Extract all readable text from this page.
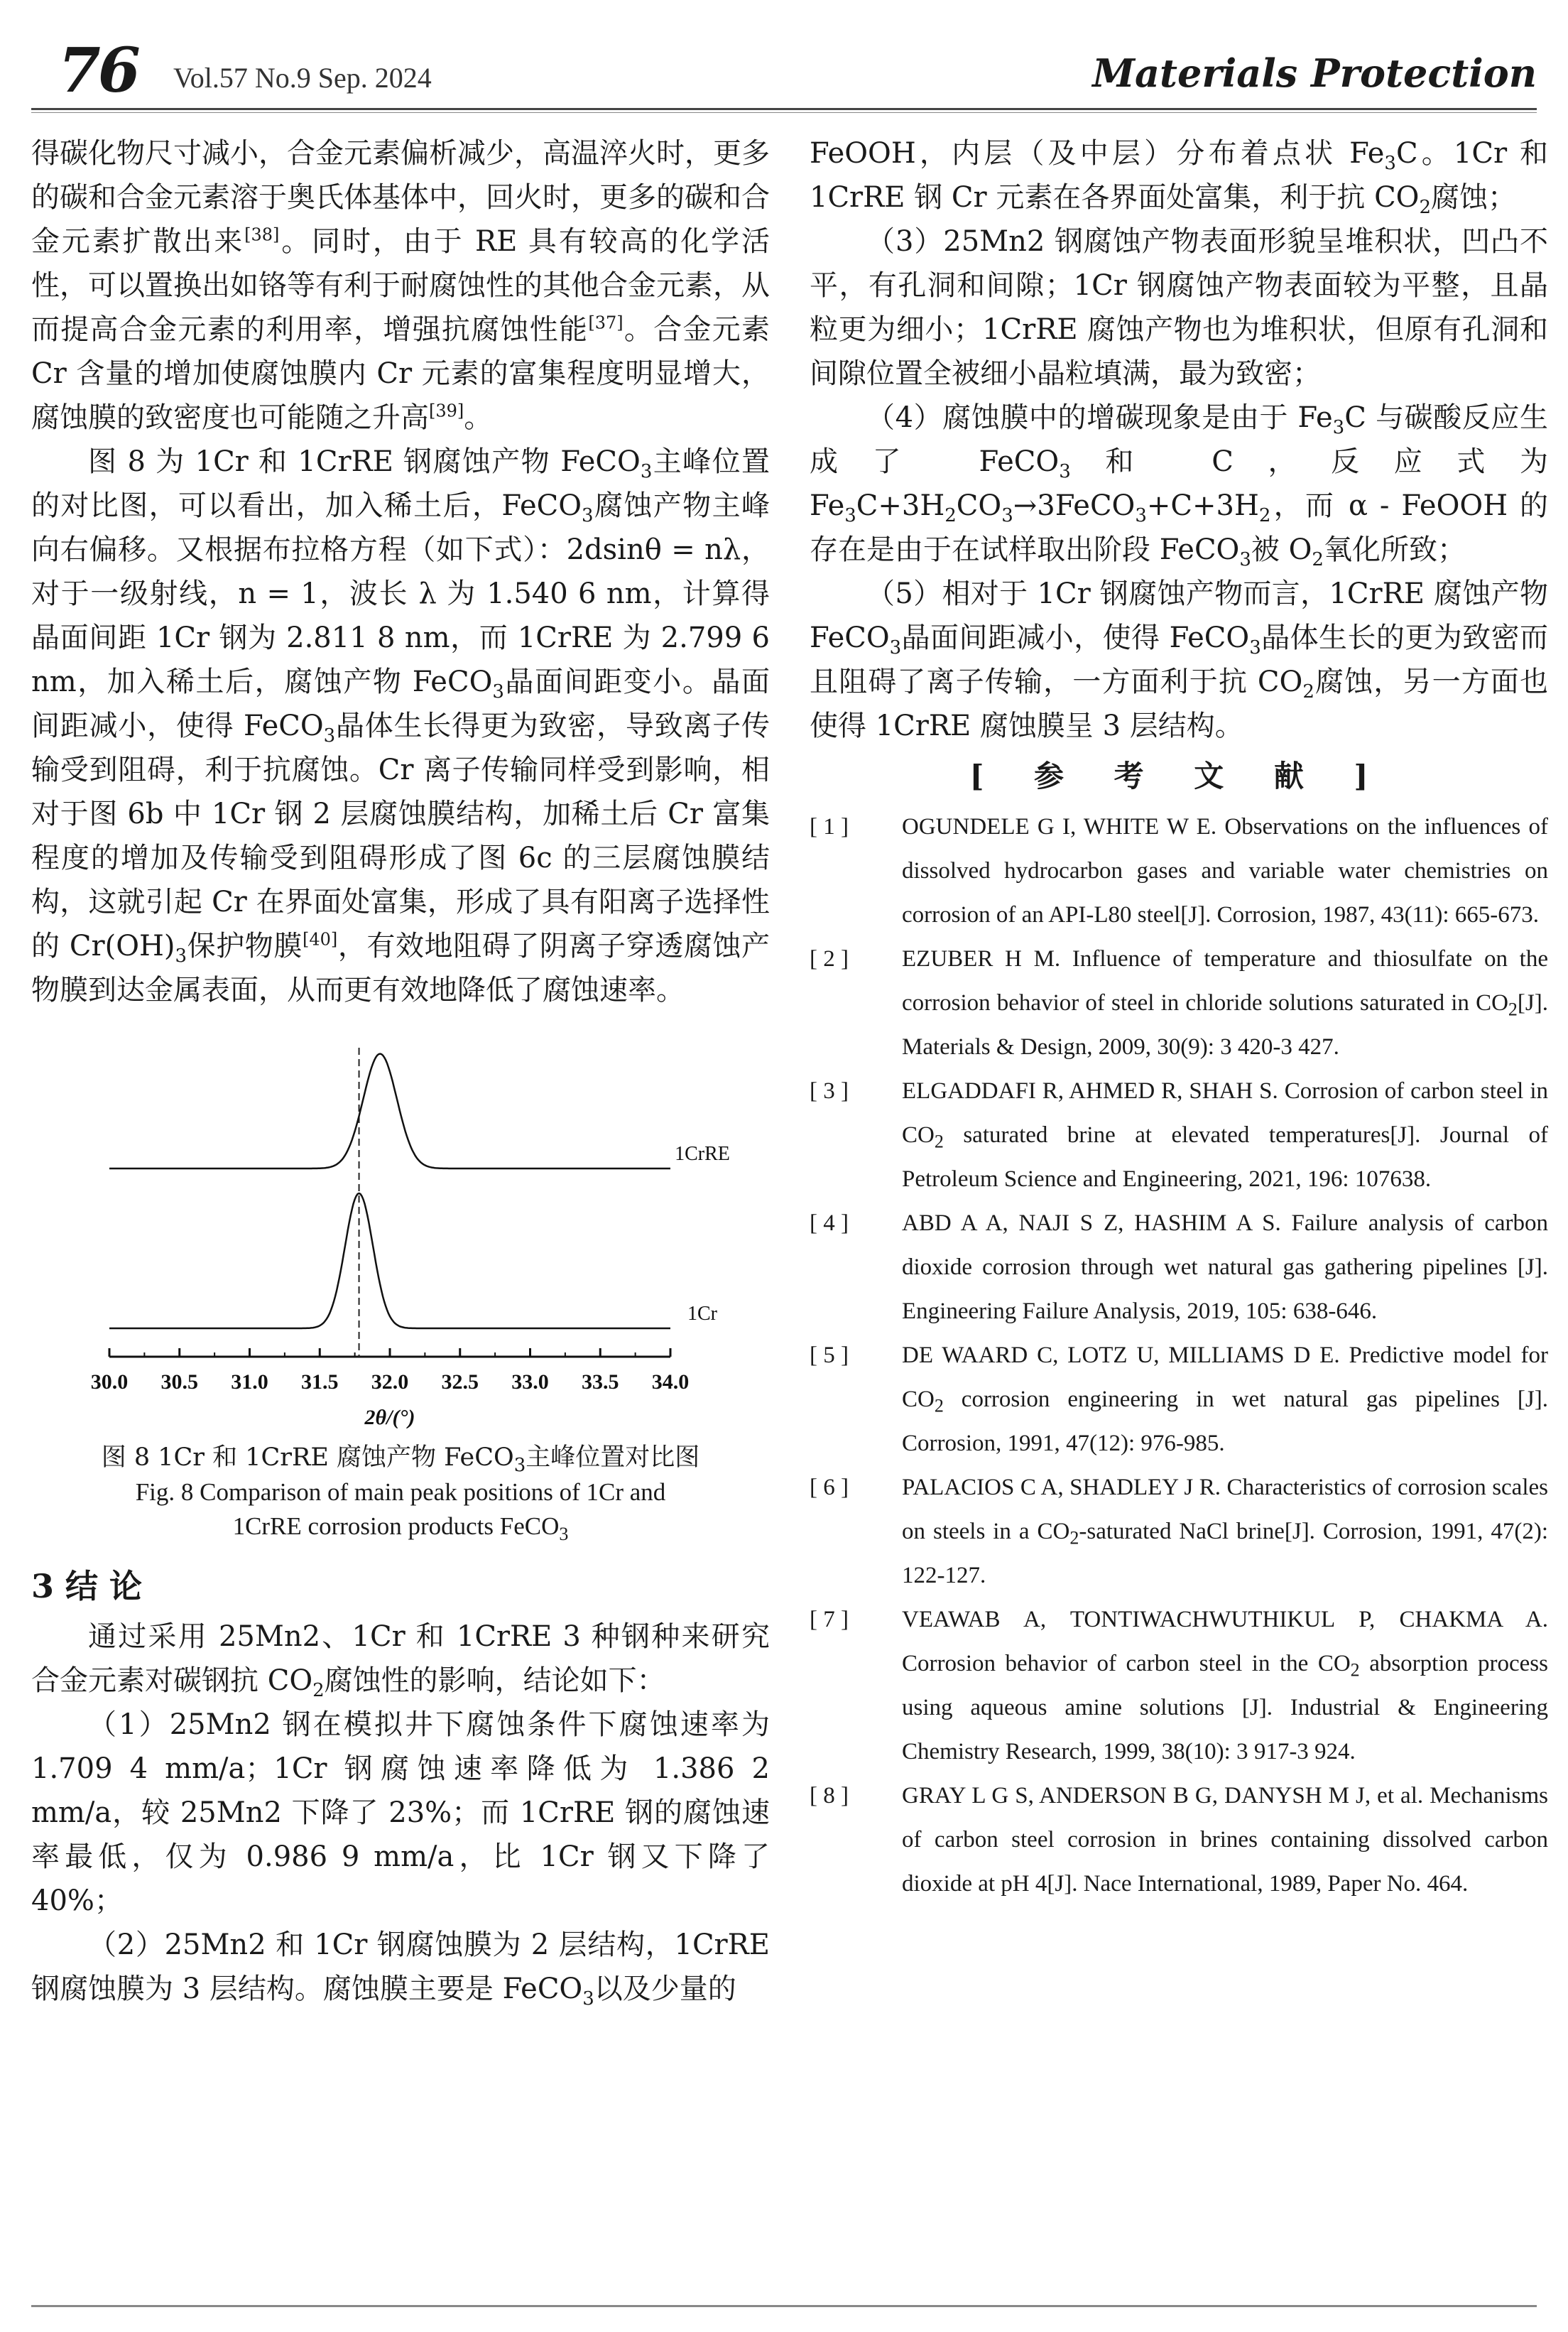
76 Vol.57 No.9 Sep. 2024	Materials Protection

得碳化物尺寸减小，合金元素偏析减少，高温淬火时，更多的碳和合金元素溶于奥氏体基体中，回火时，更多的碳和合金元素扩散出来[38]。同时，由于 RE 具有较高的化学活性，可以置换出如铬等有利于耐腐蚀性的其他合金元素，从而提高合金元素的利用率，增强抗腐蚀性能[37]。合金元素 Cr 含量的增加使腐蚀膜内 Cr 元素的富集程度明显增大，腐蚀膜的致密度也可能随之升高[39]。

图 8 为 1Cr 和 1CrRE 钢腐蚀产物 FeCO$_3$主峰位置的对比图，可以看出，加入稀土后，FeCO$_3$腐蚀产物主峰向右偏移。又根据布拉格方程（如下式）：2dsinθ = nλ，对于一级射线，n = 1，波长 λ 为 1.540 6 nm，计算得晶面间距 1Cr 钢为 2.811 8 nm，而 1CrRE 为 2.799 6 nm，加入稀土后，腐蚀产物 FeCO$_3$晶面间距变小。晶面间距减小，使得 FeCO$_3$晶体生长得更为致密，导致离子传输受到阻碍，利于抗腐蚀。Cr 离子传输同样受到影响，相对于图 6b 中 1Cr 钢 2 层腐蚀膜结构，加稀土后 Cr 富集程度的增加及传输受到阻碍形成了图 6c 的三层腐蚀膜结构，这就引起 Cr 在界面处富集，形成了具有阳离子选择性的 $Cr(OH)_3$保护物膜[40]，有效地阻碍了阴离子穿透腐蚀产物膜到达金属表面，从而更有效地降低了腐蚀速率。

30.0 30.5 31.0 31.5 32.0 32.5 33.0 33.5 34.0
2θ/(°)
1CrRE
1Cr
图 8 1Cr 和 1CrRE 腐蚀产物 FeCO$_3$主峰位置对比图
Fig. 8 Comparison of main peak positions of 1Cr and
1CrRE corrosion products FeCO$_3$
3 结 论

通过采用 25Mn2、1Cr 和 1CrRE 3 种钢种来研究合金元素对碳钢抗 $CO_2$腐蚀性的影响，结论如下：

（1）25Mn2 钢在模拟井下腐蚀条件下腐蚀速率为 1.709 4 mm/a；1Cr 钢腐蚀速率降低为 1.386 2 mm/a，较 25Mn2 下降了 23%；而 1CrRE 钢的腐蚀速率最低，仅为 0.986 9 mm/a，比 1Cr 钢又下降了 40%；

（2）25Mn2 和 1Cr 钢腐蚀膜为 2 层结构，1CrRE 钢腐蚀膜为 3 层结构。腐蚀膜主要是 FeCO$_3$以及少量的

FeOOH，内层（及中层）分布着点状 $Fe_3C$。1Cr 和 1CrRE 钢 Cr 元素在各界面处富集，利于抗 $CO_2$腐蚀；

（3）25Mn2 钢腐蚀产物表面形貌呈堆积状，凹凸不平，有孔洞和间隙；1Cr 钢腐蚀产物表面较为平整，且晶粒更为细小；1CrRE 腐蚀产物也为堆积状，但原有孔洞和间隙位置全被细小晶粒填满，最为致密；

（4）腐蚀膜中的增碳现象是由于 $Fe_3C$ 与碳酸反应生成了 FeCO$_3$和 C，反应式为 $Fe_3C+3H_2CO_3\to 3FeCO_3+C+3H_2$，而 α - FeOOH 的存在是由于在试样取出阶段 FeCO$_3$被 $O_2$氧化所致；

（5）相对于 1Cr 钢腐蚀产物而言，1CrRE 腐蚀产物 FeCO$_3$晶面间距减小，使得 FeCO$_3$晶体生长的更为致密而且阻碍了离子传输，一方面利于抗 $CO_2$腐蚀，另一方面也使得 1CrRE 腐蚀膜呈 3 层结构。

[ 参 考 文 献 ]
[ 1 ]	OGUNDELE G I, WHITE W E. Observations on the influences of dissolved hydrocarbon gases and variable water chemistries on corrosion of an API-L80 steel[J]. Corrosion, 1987, 43(11): 665-673.
[ 2 ]	EZUBER H M. Influence of temperature and thiosulfate on the corrosion behavior of steel in chloride solutions saturated in $CO_2[J]$. Materials & Design, 2009, 30(9): 3 420-3 427.
[ 3 ]	ELGADDAFI R, AHMED R, SHAH S. Corrosion of carbon steel in $CO_2$ saturated brine at elevated temperatures[J]. Journal of Petroleum Science and Engineering, 2021, 196: 107638.
[ 4 ]	ABD A A, NAJI S Z, HASHIM A S. Failure analysis of carbon dioxide corrosion through wet natural gas gathering pipelines [J]. Engineering Failure Analysis, 2019, 105: 638-646.
[ 5 ]	DE WAARD C, LOTZ U, MILLIAMS D E. Predictive model for $CO_2$ corrosion engineering in wet natural gas pipelines [J]. Corrosion, 1991, 47(12): 976-985.
[ 6 ]	PALACIOS C A, SHADLEY J R. Characteristics of corrosion scales on steels in a $CO_2$-saturated NaCl brine[J]. Corrosion, 1991, 47(2): 122-127.
[ 7 ]	VEAWAB A, TONTIWACHWUTHIKUL P, CHAKMA A. Corrosion behavior of carbon steel in the $CO_2$ absorption process using aqueous amine solutions [J]. Industrial & Engineering Chemistry Research, 1999, 38(10): 3 917-3 924.
[ 8 ]	GRAY L G S, ANDERSON B G, DANYSH M J, et al. Mechanisms of carbon steel corrosion in brines containing dissolved carbon dioxide at pH 4[J]. Nace International, 1989, Paper No. 464.
